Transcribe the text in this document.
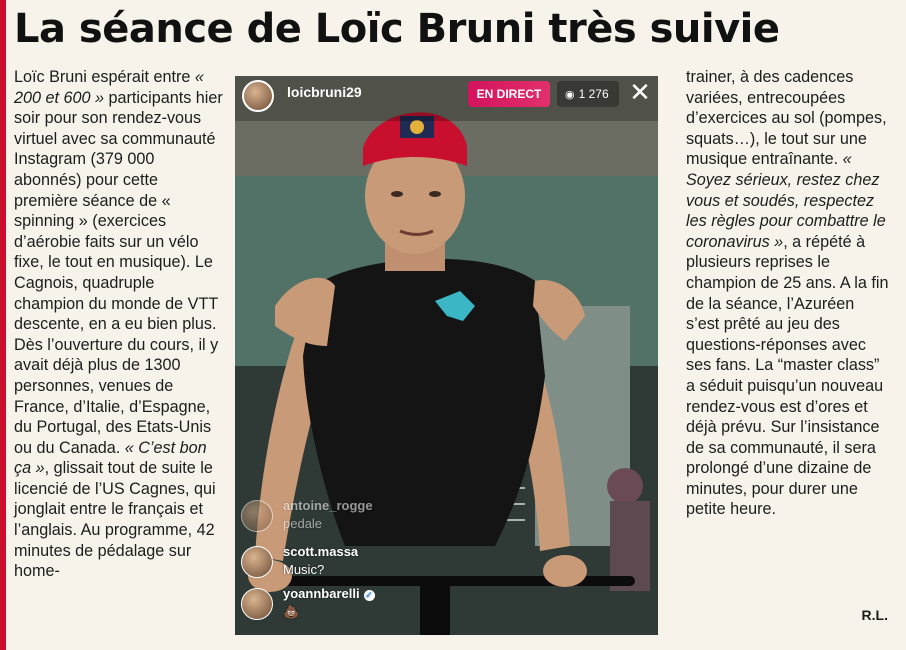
La séance de Loïc Bruni très suivie
Loïc Bruni espérait entre « 200 et 600 » participants hier soir pour son rendez-vous virtuel avec sa communauté Instagram (379 000 abonnés) pour cette première séance de « spinning » (exercices d’aérobie faits sur un vélo fixe, le tout en musique). Le Cagnois, quadruple champion du monde de VTT descente, en a eu bien plus. Dès l’ouverture du cours, il y avait déjà plus de 1300 personnes, venues de France, d’Italie, d’Espagne, du Portugal, des Etats-Unis ou du Canada. « C’est bon ça », glissait tout de suite le licencié de l’US Cagnes, qui jonglait entre le français et l’anglais. Au programme, 42 minutes de pédalage sur home-
loicbruni29	EN DIRECT	◉ 1 276 ✕
antoine_rogge
pedale
scott.massa
Music?
yoannbarelli ✓
💩
trainer, à des cadences variées, entrecoupées d’exercices au sol (pompes, squats…), le tout sur une musique entraînante. « Soyez sérieux, restez chez vous et soudés, respectez les règles pour combattre le coronavirus », a répété à plusieurs reprises le champion de 25 ans. A la fin de la séance, l’Azuréen s’est prêté au jeu des questions-réponses avec ses fans. La “master class” a séduit puisqu’un nouveau rendez-vous est d’ores et déjà prévu. Sur l’insistance de sa communauté, il sera prolongé d’une dizaine de minutes, pour durer une petite heure.
R.L.
